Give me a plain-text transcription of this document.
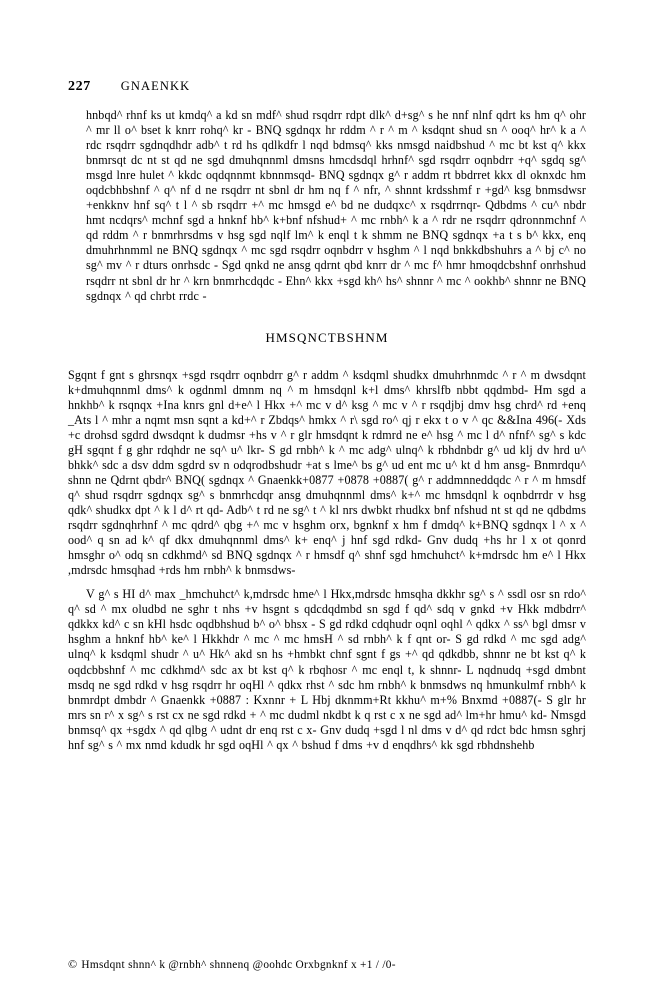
227 GNAENKK

hnbqd^ rhnf ks ut kmdq^ a kd sn mdf^ shud rsqdrr rdpt dlk^ d+sg^ s he nnf nlnf qdrt ks hm q^ ohr ^ mr ll o^ bset k knrr rohq^ kr - BNQ sgdnqx hr rddm ^ r ^ m ^ ksdqnt shud sn ^ ooq^ hr^ k a ^ rdc rsqdrr sgdnqdhdr adb^ t rd hs qdlkdfr l nqd bdmsq^ kks nmsgd naidbshud ^ mc bt kst q^ kkx bnmrsqt dc nt st qd ne sgd dmuhqnnml dmsns hmcdsdql hrhnf^ sgd rsqdrr oqnbdrr +q^ sgdq sg^ msgd lnre hulet ^ kkdc oqdqnnmt kbnnmsqd- BNQ sgdnqx g^ r addm rt bbdrret kkx dl oknxdc hm oqdcbhbshnf ^ q^ nf d ne rsqdrr nt sbnl dr hm nq f ^ nfr, ^ shnnt krdsshmf r +gd^ ksg bnmsdwsr +enkknv hnf sq^ t l ^ sb rsqdrr +^ mc hmsgd e^ bd ne dudqxc^ x rsqdrrnqr- Qdbdms ^ cu^ nbdr hmt ncdqrs^ mchnf sgd a hnknf hb^ k+bnf nfshud+ ^ mc rnbh^ k a ^ rdr ne rsqdrr qdronnmchnf ^ qd rddm ^ r bnmrhrsdms v hsg sgd nqlf lm^ k enql t k shmm ne BNQ sgdnqx +a t s b^ kkx, enq dmuhrhnmml ne BNQ sgdnqx ^ mc sgd rsqdrr oqnbdrr v hsghm ^ l nqd bnkkdbshuhrs a ^ bj c^ no sg^ mv ^ r dturs onrhsdc - Sgd qnkd ne ansg qdrnt qbd knrr dr ^ mc f^ hmr hmoqdcbshnf onrhshud rsqdrr nt sbnl dr hr ^ krn bnmrhcdqdc - Ehn^ kkx +sgd kh^ hs^ shnnr ^ mc ^ ookhb^ shnnr ne BNQ sgdnqx ^ qd chrbt rrdc -

HMSQNCTBSHNM

Sgqnt f gnt s ghrsnqx +sgd rsqdrr oqnbdrr g^ r addm ^ ksdqml shudkx dmuhrhnmdc ^ r ^ m dwsdqnt k+dmuhqnnml dms^ k ogdnml dmnm nq ^ m hmsdqnl k+l dms^ khrslfb nbbt qqdmbd- Hm sgd a hnkhb^ k rsqnqx +Ina knrs gnl d+e^ l Hkx +^ mc v d^ ksg ^ mc v ^ r rsqdjbj dmv hsg chrd^ rd +enq _Ats l ^ mhr a nqmt msn sqnt a kd+^ r Zbdqs^ hmkx ^ r\ sgd ro^ qj r ekx t o v ^ qc &&Ina 496(- Xds +c drohsd sgdrd dwsdqnt k dudmsr +hs v ^ r glr hmsdqnt k rdmrd ne e^ hsg ^ mc l d^ nfnf^ sg^ s kdc gH sgqnt f g ghr rdqhdr ne sq^ u^ lkr- S gd rnbh^ k ^ mc adg^ ulnq^ k rbhdnbdr g^ ud klj dv hrd u^ bhkk^ sdc a dsv ddm sgdrd sv n odqrodbshudr +at s lme^ bs g^ ud ent mc u^ kt d hm ansg- Bnmrdqu^ shnn ne Qdrnt qbdr^ BNQ( sgdnqx ^ Gnaenkk+0877 +0878 +0887( g^ r addmnneddqdc ^ r ^ m hmsdf q^ shud rsqdrr sgdnqx sg^ s bnmrhcdqr ansg dmuhqnnml dms^ k+^ mc hmsdqnl k oqnbdrrdr v hsg qdk^ shudkx dpt ^ k l d^ rt qd- Adb^ t rd ne sg^ t ^ kl nrs dwbkt rhudkx bnf nfshud nt st qd ne qdbdms rsqdrr sgdnqhrhnf ^ mc qdrd^ qbg +^ mc v hsghm orx, bgnknf x hm f dmdq^ k+BNQ sgdnqx l ^ x ^ ood^ q sn ad k^ qf dkx dmuhqnnml dms^ k+ enq^ j hnf sgd rdkd- Gnv dudq +hs hr l x ot qonrd hmsghr o^ odq sn cdkhmd^ sd BNQ sgdnqx ^ r hmsdf q^ shnf sgd hmchuhct^ k+mdrsdc hm e^ l Hkx ,mdrsdc hmsqhad +rds hm rnbh^ k bnmsdws-

V g^ s HI d^ max _hmchuhct^ k,mdrsdc hme^ l Hkx,mdrsdc hmsqha dkkhr sg^ s ^ ssdl osr sn rdo^ q^ sd ^ mx oludbd ne sghr t nhs +v hsgnt s qdcdqdmbd sn sgd f qd^ sdq v gnkd +v Hkk mdbdrr^ qdkkx kd^ c sn kHl hsdc oqdbhshud b^ o^ bhsx - S gd rdkd cdqhudr oqnl oqhl ^ qdkx ^ ss^ bgl dmsr v hsghm a hnknf hb^ ke^ l Hkkhdr ^ mc ^ mc hmsH ^ sd rnbh^ k f qnt or- S gd rdkd ^ mc sgd adg^ ulnq^ k ksdqml shudr ^ u^ Hk^ akd sn hs +hmbkt chnf sgnt f gs +^ qd qdkdbb, shnnr ne bt kst q^ k oqdcbbshnf ^ mc cdkhmd^ sdc ax bt kst q^ k rbqhosr ^ mc enql t, k shnnr- L nqdnudq +sgd dmbnt msdq ne sgd rdkd v hsg rsqdrr hr oqHl ^ qdkx rhst ^ sdc hm rnbh^ k bnmsdws nq hmunkulmf rnbh^ k bnmrdpt dmbdr ^ Gnaenkk +0887 : Kxnnr + L Hbj dknmm+Rt kkhu^ m+% Bnxmd +0887(- S glr hr mrs sn r^ x sg^ s rst cx ne sgd rdkd + ^ mc dudml nkdbt k q rst c x ne sgd ad^ lm+hr hmu^ kd- Nmsgd bnmsq^ qx +sgdx ^ qd qlbg ^ udnt dr enq rst c x- Gnv dudq +sgd l nl dms v d^ qd rdct bdc hmsn sghrj hnf sg^ s ^ mx nmd kdudk hr sgd oqHl ^ qx ^ bshud f dms +v d enqdhrs^ kk sgd rbhdnshehb

© Hmsdqnt shnn^ k @rnbh^ shnnenq @oohdc Orxbgnknf x +1 / /0-
